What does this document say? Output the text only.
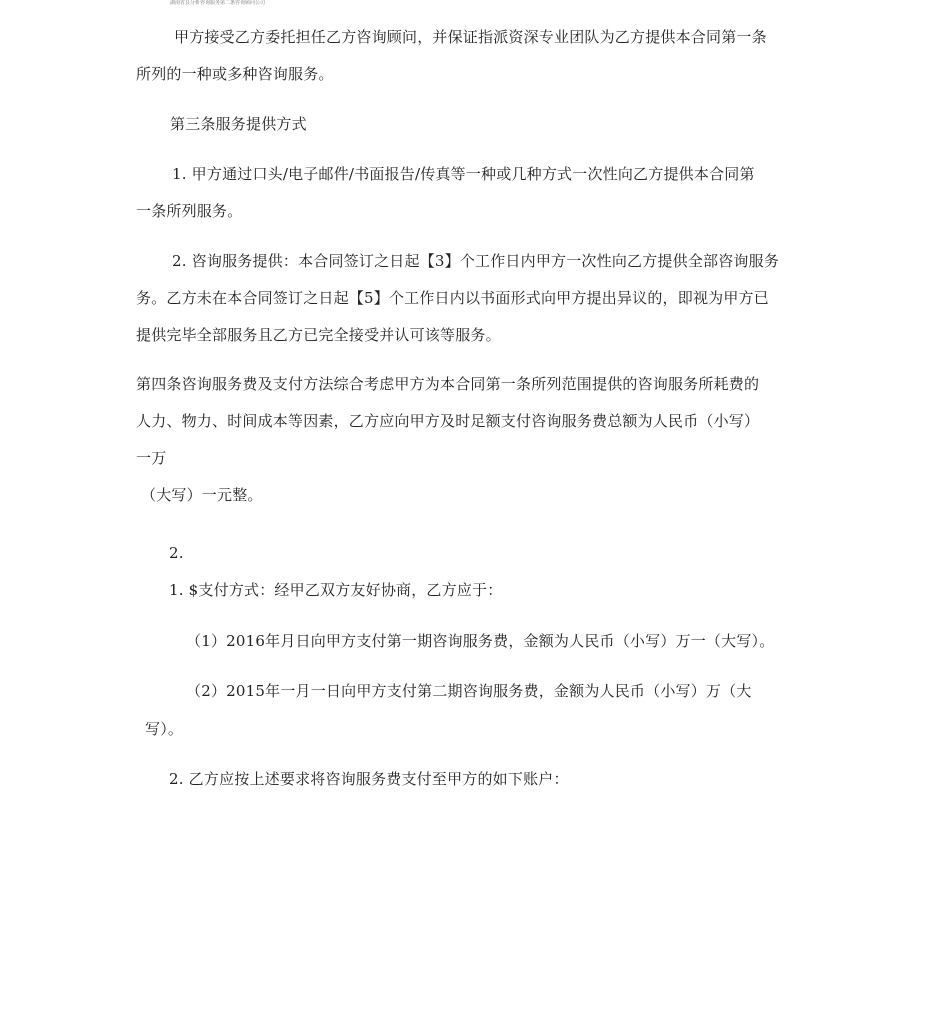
湖南省县分析咨询服务第二条咨询顾问公司
甲方接受乙方委托担任乙方咨询顾问，并保证指派资深专业团队为乙方提供本合同第一条
所列的一种或多种咨询服务。
第三条服务提供方式
1. 甲方通过口头/电子邮件/书面报告/传真等一种或几种方式一次性向乙方提供本合同第
一条所列服务。
2. 咨询服务提供：本合同签订之日起【3】个工作日内甲方一次性向乙方提供全部咨询服务
务。乙方未在本合同签订之日起【5】个工作日内以书面形式向甲方提出异议的，即视为甲方已
提供完毕全部服务且乙方已完全接受并认可该等服务。
第四条咨询服务费及支付方法综合考虑甲方为本合同第一条所列范围提供的咨询服务所耗费的
人力、物力、时间成本等因素，乙方应向甲方及时足额支付咨询服务费总额为人民币（小写）
一万
（大写）一元整。
2.
1. $支付方式：经甲乙双方友好协商，乙方应于：
（1）2016年月日向甲方支付第一期咨询服务费，金额为人民币（小写）万一（大写）。
（2）2015年一月一日向甲方支付第二期咨询服务费，金额为人民币（小写）万（大
写）。
2. 乙方应按上述要求将咨询服务费支付至甲方的如下账户：
